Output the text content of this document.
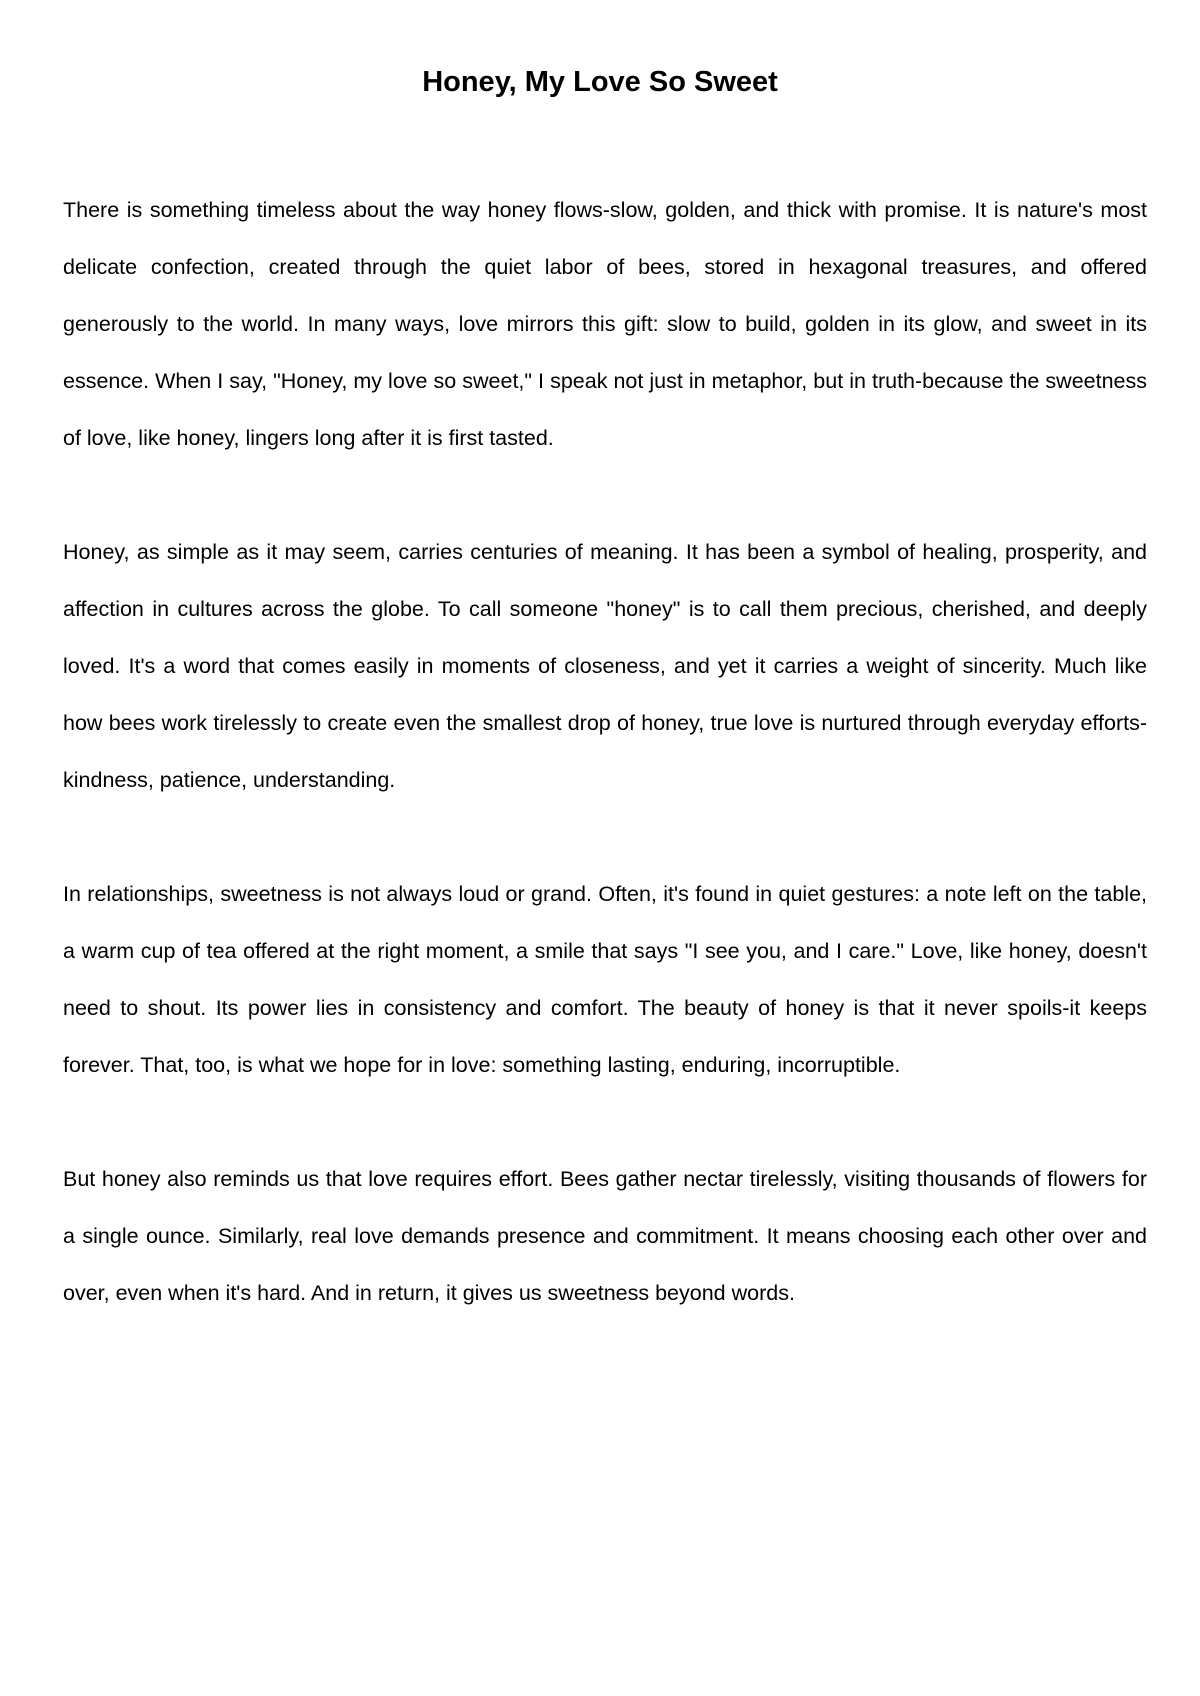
Honey, My Love So Sweet

There is something timeless about the way honey flows-slow, golden, and thick with promise. It is nature's most delicate confection, created through the quiet labor of bees, stored in hexagonal treasures, and offered generously to the world. In many ways, love mirrors this gift: slow to build, golden in its glow, and sweet in its essence. When I say, "Honey, my love so sweet," I speak not just in metaphor, but in truth-because the sweetness of love, like honey, lingers long after it is first tasted.

Honey, as simple as it may seem, carries centuries of meaning. It has been a symbol of healing, prosperity, and affection in cultures across the globe. To call someone "honey" is to call them precious, cherished, and deeply loved. It's a word that comes easily in moments of closeness, and yet it carries a weight of sincerity. Much like how bees work tirelessly to create even the smallest drop of honey, true love is nurtured through everyday efforts-kindness, patience, understanding.

In relationships, sweetness is not always loud or grand. Often, it's found in quiet gestures: a note left on the table, a warm cup of tea offered at the right moment, a smile that says "I see you, and I care." Love, like honey, doesn't need to shout. Its power lies in consistency and comfort. The beauty of honey is that it never spoils-it keeps forever. That, too, is what we hope for in love: something lasting, enduring, incorruptible.

But honey also reminds us that love requires effort. Bees gather nectar tirelessly, visiting thousands of flowers for a single ounce. Similarly, real love demands presence and commitment. It means choosing each other over and over, even when it's hard. And in return, it gives us sweetness beyond words.
